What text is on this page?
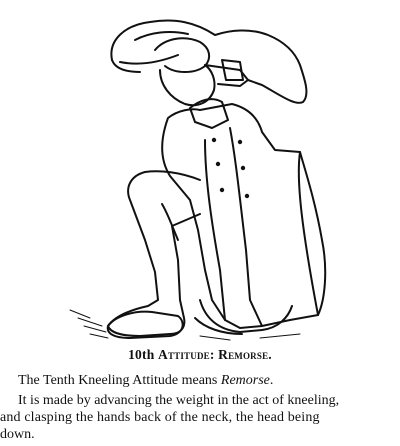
10th Attitude: Remorse.
The Tenth Kneeling Attitude means Remorse.
It is made by advancing the weight in the act of kneeling,
and clasping the hands back of the neck, the head being
down.
